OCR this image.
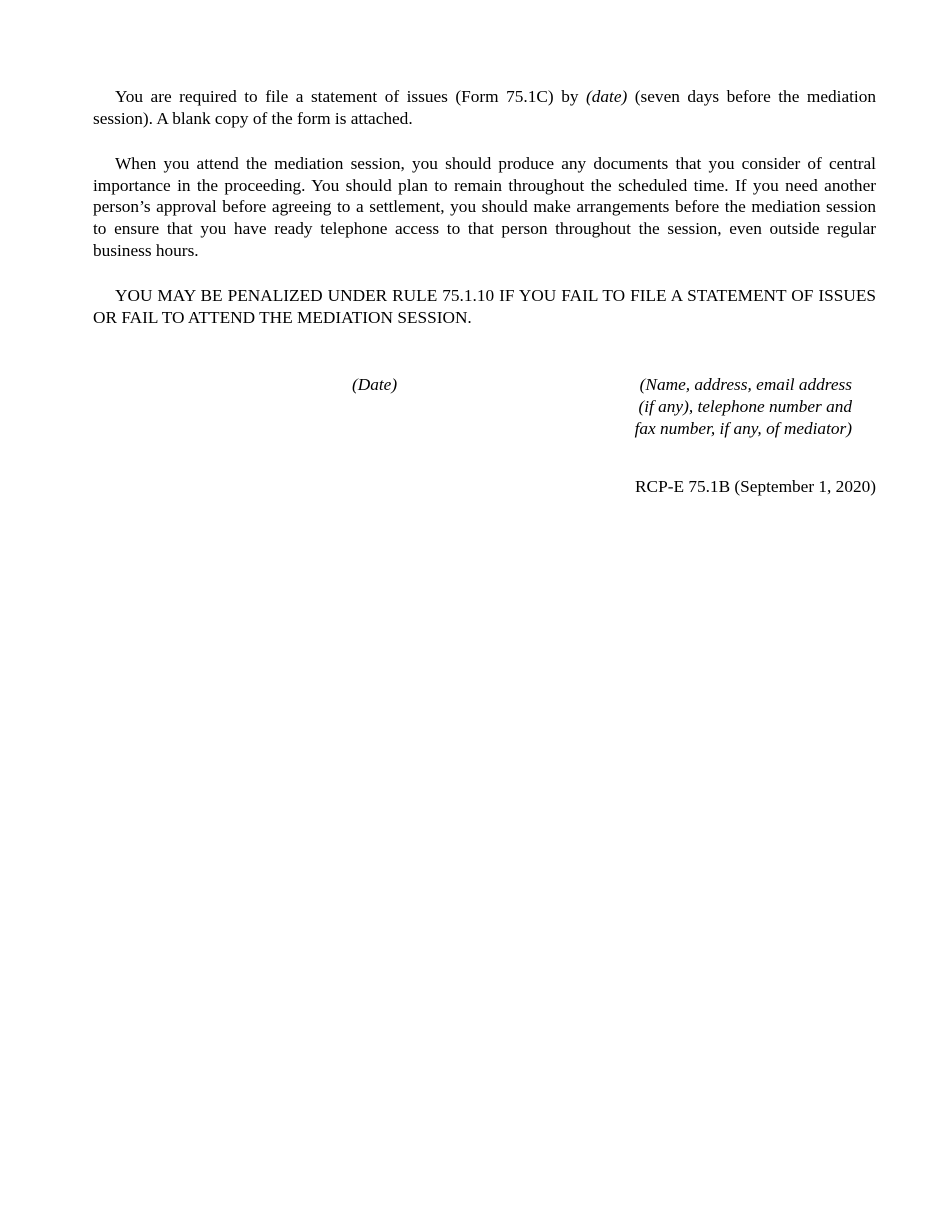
You are required to file a statement of issues (Form 75.1C) by (date) (seven days before the mediation session). A blank copy of the form is attached.

When you attend the mediation session, you should produce any documents that you consider of central importance in the proceeding. You should plan to remain throughout the scheduled time. If you need another person’s approval before agreeing to a settlement, you should make arrangements before the mediation session to ensure that you have ready telephone access to that person throughout the session, even outside regular business hours.

YOU MAY BE PENALIZED UNDER RULE 75.1.10 IF YOU FAIL TO FILE A STATEMENT OF ISSUES OR FAIL TO ATTEND THE MEDIATION SESSION.

(Date)	(Name, address, email address
(if any), telephone number and
fax number, if any, of mediator)
RCP-E 75.1B (September 1, 2020)
